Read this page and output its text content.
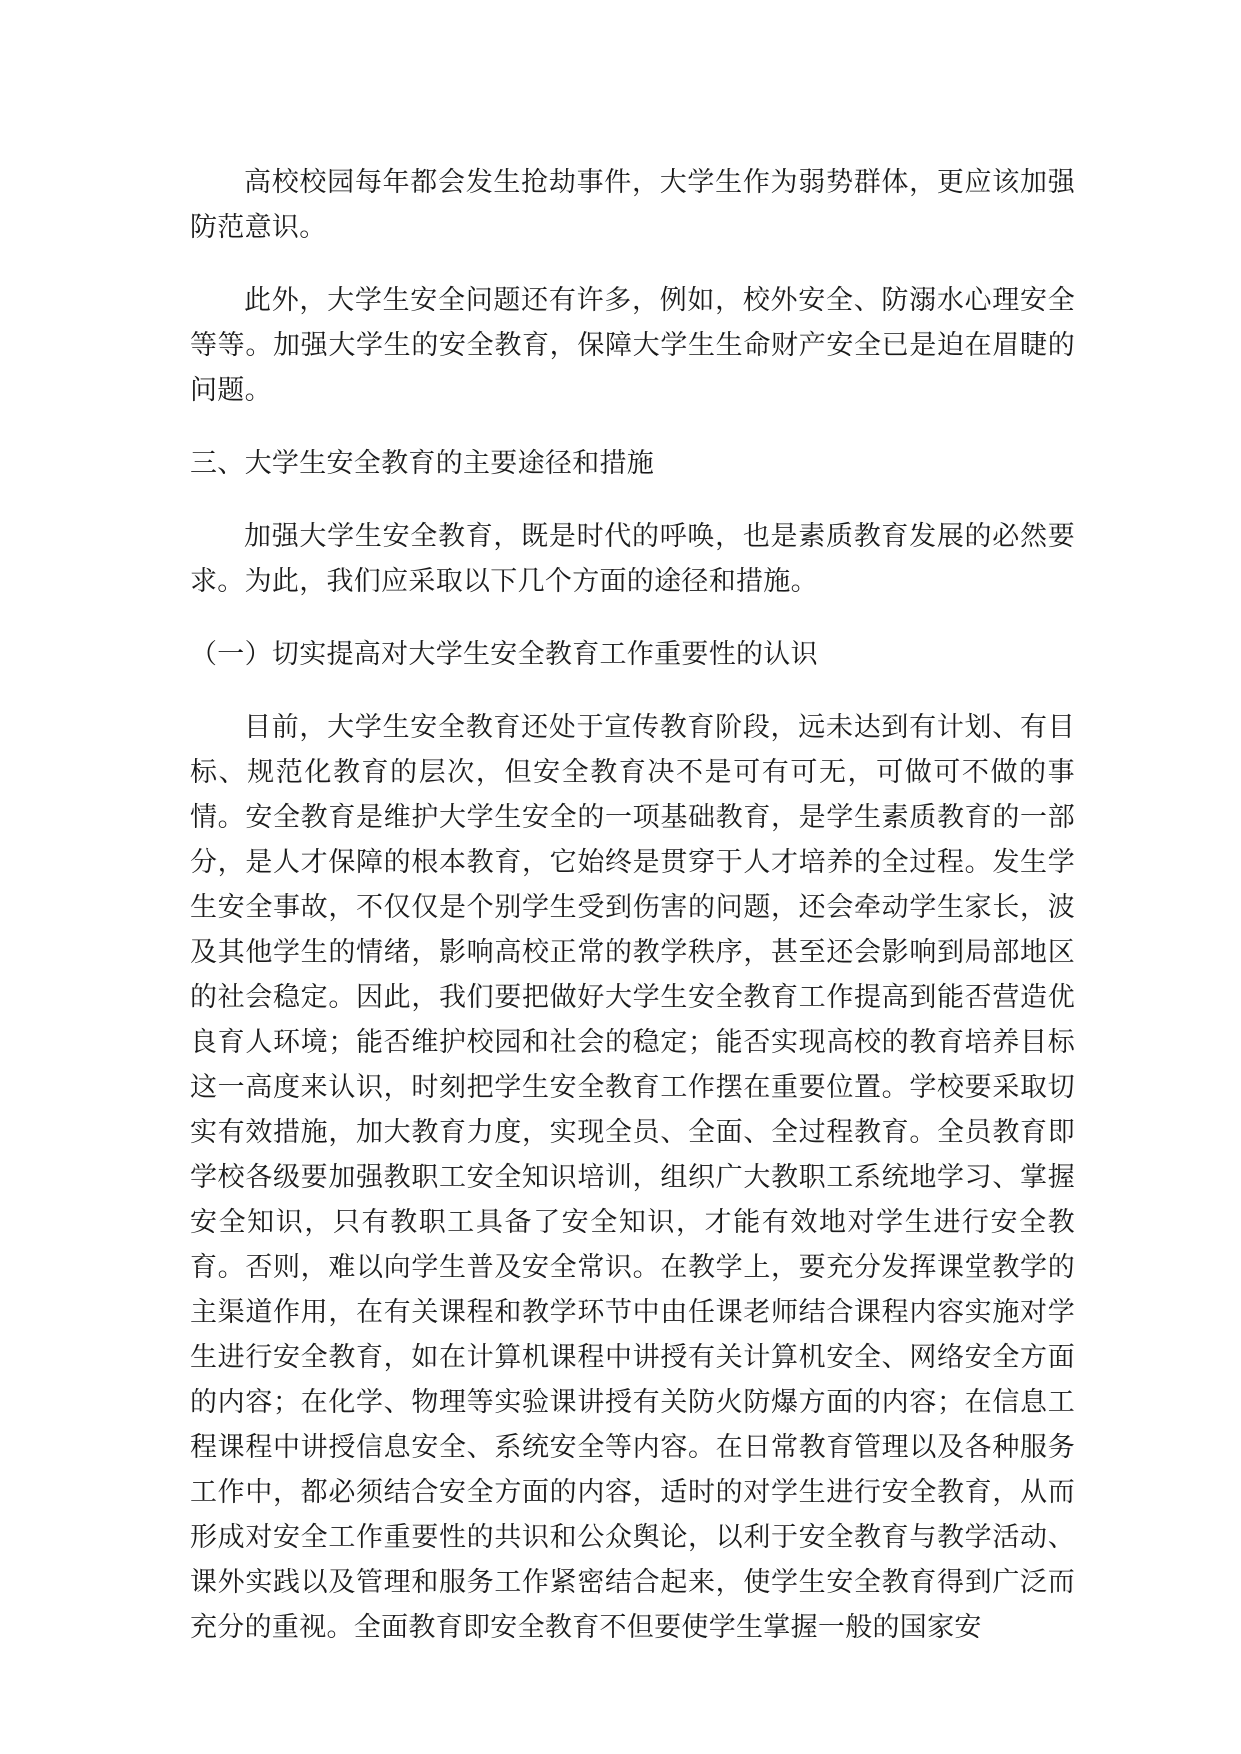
高校校园每年都会发生抢劫事件，大学生作为弱势群体，更应该加强防范意识。

此外，大学生安全问题还有许多，例如，校外安全、防溺水心理安全等等。加强大学生的安全教育，保障大学生生命财产安全已是迫在眉睫的问题。

三、大学生安全教育的主要途径和措施

加强大学生安全教育，既是时代的呼唤，也是素质教育发展的必然要求。为此，我们应采取以下几个方面的途径和措施。

（一）切实提高对大学生安全教育工作重要性的认识

目前，大学生安全教育还处于宣传教育阶段，远未达到有计划、有目标、规范化教育的层次，但安全教育决不是可有可无，可做可不做的事情。安全教育是维护大学生安全的一项基础教育，是学生素质教育的一部分，是人才保障的根本教育，它始终是贯穿于人才培养的全过程。发生学生安全事故，不仅仅是个别学生受到伤害的问题，还会牵动学生家长，波及其他学生的情绪，影响高校正常的教学秩序，甚至还会影响到局部地区的社会稳定。因此，我们要把做好大学生安全教育工作提高到能否营造优良育人环境；能否维护校园和社会的稳定；能否实现高校的教育培养目标这一高度来认识，时刻把学生安全教育工作摆在重要位置。学校要采取切实有效措施，加大教育力度，实现全员、全面、全过程教育。全员教育即学校各级要加强教职工安全知识培训，组织广大教职工系统地学习、掌握安全知识，只有教职工具备了安全知识，才能有效地对学生进行安全教育。否则，难以向学生普及安全常识。在教学上，要充分发挥课堂教学的主渠道作用，在有关课程和教学环节中由任课老师结合课程内容实施对学生进行安全教育，如在计算机课程中讲授有关计算机安全、网络安全方面的内容；在化学、物理等实验课讲授有关防火防爆方面的内容；在信息工程课程中讲授信息安全、系统安全等内容。在日常教育管理以及各种服务工作中，都必须结合安全方面的内容，适时的对学生进行安全教育，从而形成对安全工作重要性的共识和公众舆论，以利于安全教育与教学活动、课外实践以及管理和服务工作紧密结合起来，使学生安全教育得到广泛而充分的重视。全面教育即安全教育不但要使学生掌握一般的国家安
